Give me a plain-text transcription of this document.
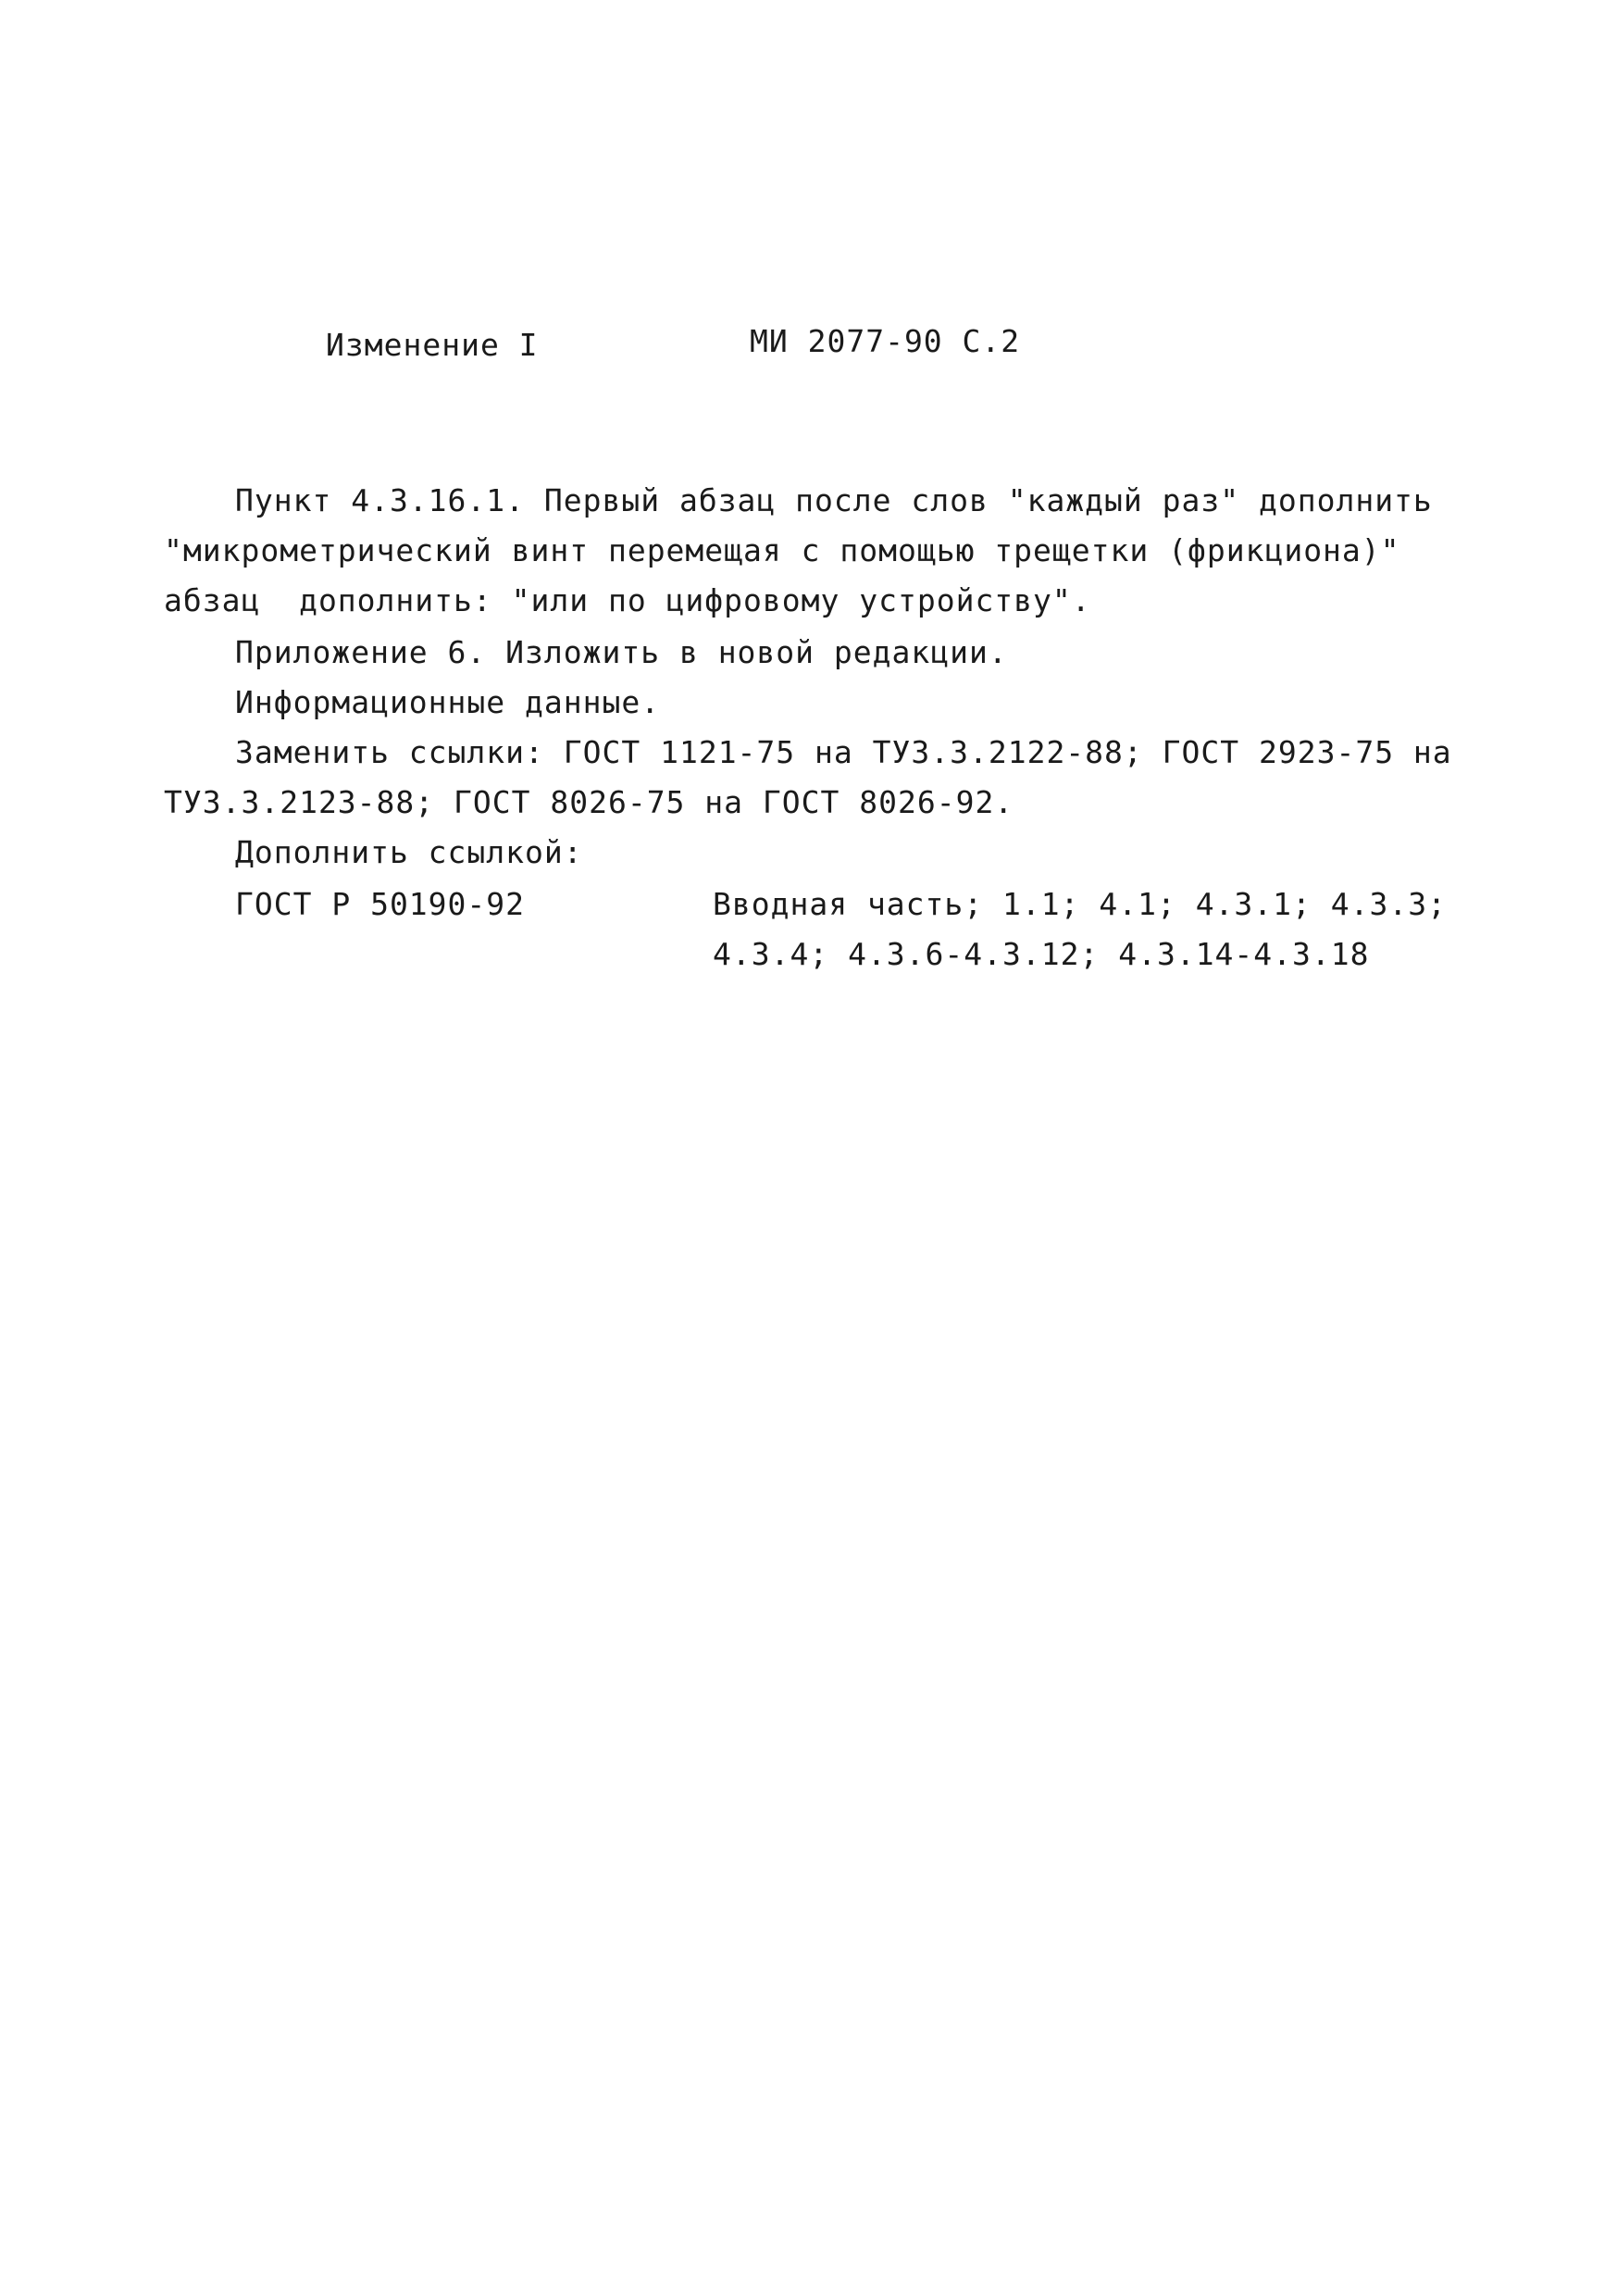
Изменение I	МИ 2077-90 С.2
Пункт 4.3.16.1. Первый абзац после слов "каждый раз" дополнить
"микрометрический винт перемещая с помощью трещетки (фрикциона)"
абзац  дополнить: "или по цифровому устройству".
Приложение 6. Изложить в новой редакции.
Информационные данные.
Заменить ссылки: ГОСТ 1121-75 на ТУ3.3.2122-88; ГОСТ 2923-75 на
ТУ3.3.2123-88; ГОСТ 8026-75 на ГОСТ 8026-92.
Дополнить ссылкой:
ГОСТ Р 50190-92	Вводная часть; 1.1; 4.1; 4.3.1; 4.3.3;
4.3.4; 4.3.6-4.3.12; 4.3.14-4.3.18
